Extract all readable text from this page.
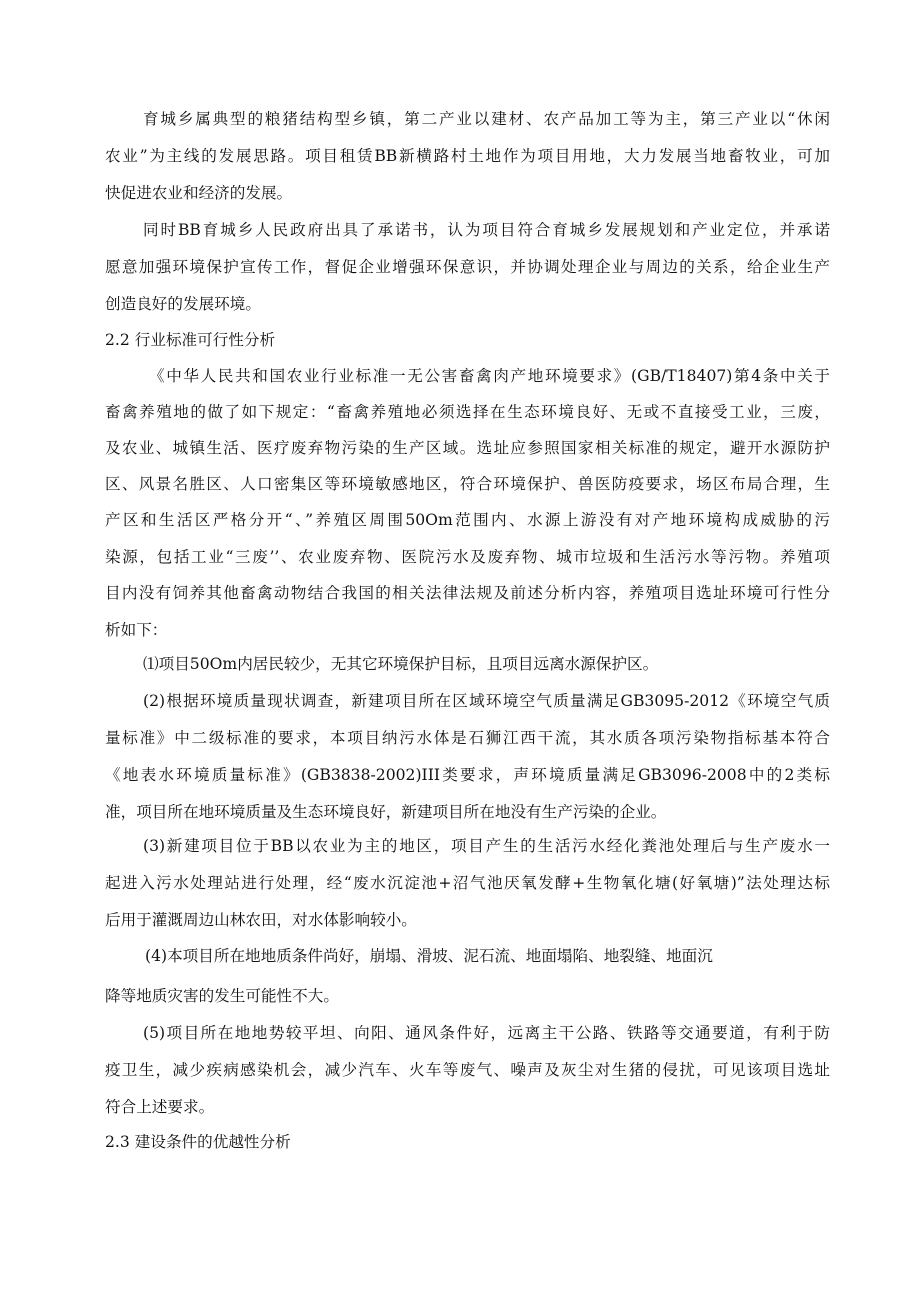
育城乡属典型的粮猪结构型乡镇，第二产业以建材、农产品加工等为主，第三产业以“休闲
农业”为主线的发展思路。项目租赁BB新横路村土地作为项目用地，大力发展当地畜牧业，可加
快促进农业和经济的发展。
同时BB育城乡人民政府出具了承诺书，认为项目符合育城乡发展规划和产业定位，并承诺
愿意加强环境保护宣传工作，督促企业增强环保意识，并协调处理企业与周边的关系，给企业生产
创造良好的发展环境。
2.2 行业标准可行性分析
《中华人民共和国农业行业标准一无公害畜禽肉产地环境要求》(GB/T18407)第4条中关于
畜禽养殖地的做了如下规定：“畜禽养殖地必须选择在生态环境良好、无或不直接受工业，三废，
及农业、城镇生活、医疗废弃物污染的生产区域。选址应参照国家相关标准的规定，避开水源防护
区、风景名胜区、人口密集区等环境敏感地区，符合环境保护、兽医防疫要求，场区布局合理，生
产区和生活区严格分开“、”养殖区周围50Om范围内、水源上游没有对产地环境构成威胁的污
染源，包括工业“三废’’、农业废弃物、医院污水及废弃物、城市垃圾和生活污水等污物。养殖项
目内没有饲养其他畜禽动物结合我国的相关法律法规及前述分析内容，养殖项目选址环境可行性分
析如下：
⑴项目50Om内居民较少，无其它环境保护目标，且项目远离水源保护区。
(2)根据环境质量现状调查，新建项目所在区域环境空气质量满足GB3095-2012《环境空气质
量标准》中二级标准的要求，本项目纳污水体是石狮江西干流，其水质各项污染物指标基本符合
《地表水环境质量标准》(GB3838-2002)III类要求，声环境质量满足GB3096-2008中的2类标
准，项目所在地环境质量及生态环境良好，新建项目所在地没有生产污染的企业。
(3)新建项目位于BB以农业为主的地区，项目产生的生活污水经化粪池处理后与生产废水一
起进入污水处理站进行处理，经“废水沉淀池+沼气池厌氧发酵+生物氧化塘(好氧塘)”法处理达标
后用于灌溉周边山林农田，对水体影响较小。
(4)本项目所在地地质条件尚好，崩塌、滑坡、泥石流、地面塌陷、地裂缝、地面沉
降等地质灾害的发生可能性不大。
(5)项目所在地地势较平坦、向阳、通风条件好，远离主干公路、铁路等交通要道，有利于防
疫卫生，减少疾病感染机会，减少汽车、火车等废气、噪声及灰尘对生猪的侵扰，可见该项目选址
符合上述要求。
2.3 建设条件的优越性分析
